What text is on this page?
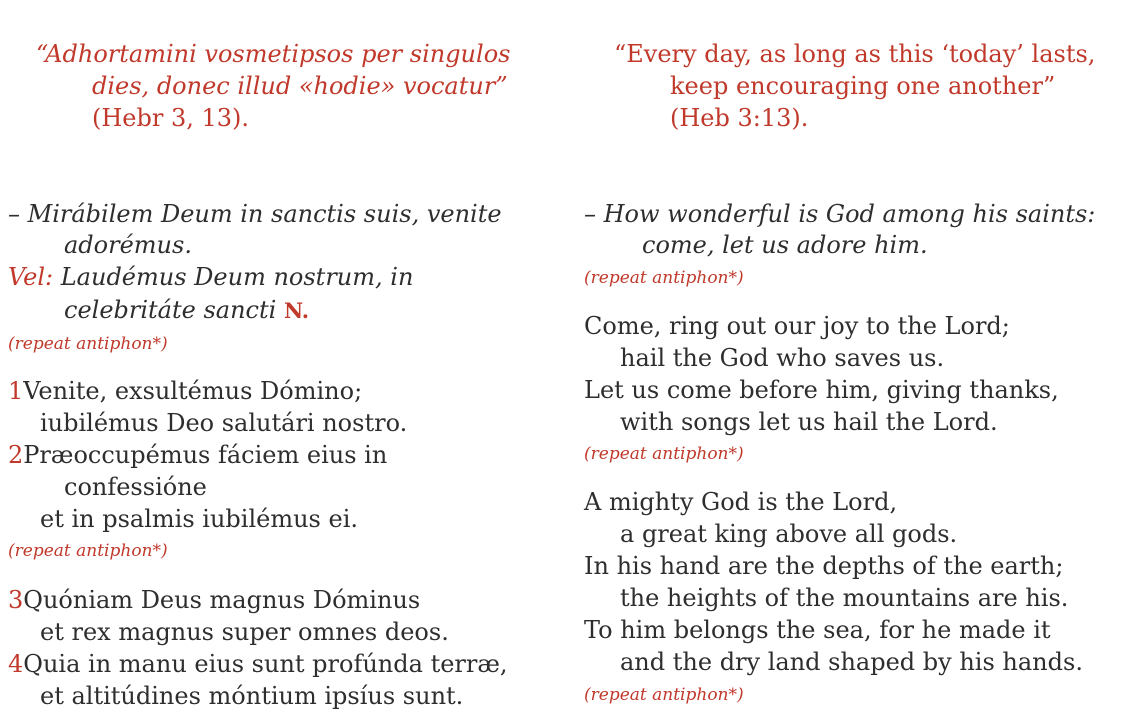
“Adhortamini vosmetipsos per singulos
dies, donec illud «hodie» vocatur”
(Hebr 3, 13).
– Mirábilem Deum in sanctis suis, venite
adorémus.
Vel: Laudémus Deum nostrum, in
celebritáte sancti N.
(repeat antiphon*)
1Venite, exsultémus Dómino;
iubilémus Deo salutári nostro.
2Præoccupémus fáciem eius in
confessióne
et in psalmis iubilémus ei.
(repeat antiphon*)
3Quóniam Deus magnus Dóminus
et rex magnus super omnes deos.
4Quia in manu eius sunt profúnda terræ,
et altitúdines móntium ipsíus sunt.
“Every day, as long as this ‘today’ lasts,
keep encouraging one another”
(Heb 3:13).
– How wonderful is God among his saints:
come, let us adore him.
(repeat antiphon*)
Come, ring out our joy to the Lord;
hail the God who saves us.
Let us come before him, giving thanks,
with songs let us hail the Lord.
(repeat antiphon*)
A mighty God is the Lord,
a great king above all gods.
In his hand are the depths of the earth;
the heights of the mountains are his.
To him belongs the sea, for he made it
and the dry land shaped by his hands.
(repeat antiphon*)
